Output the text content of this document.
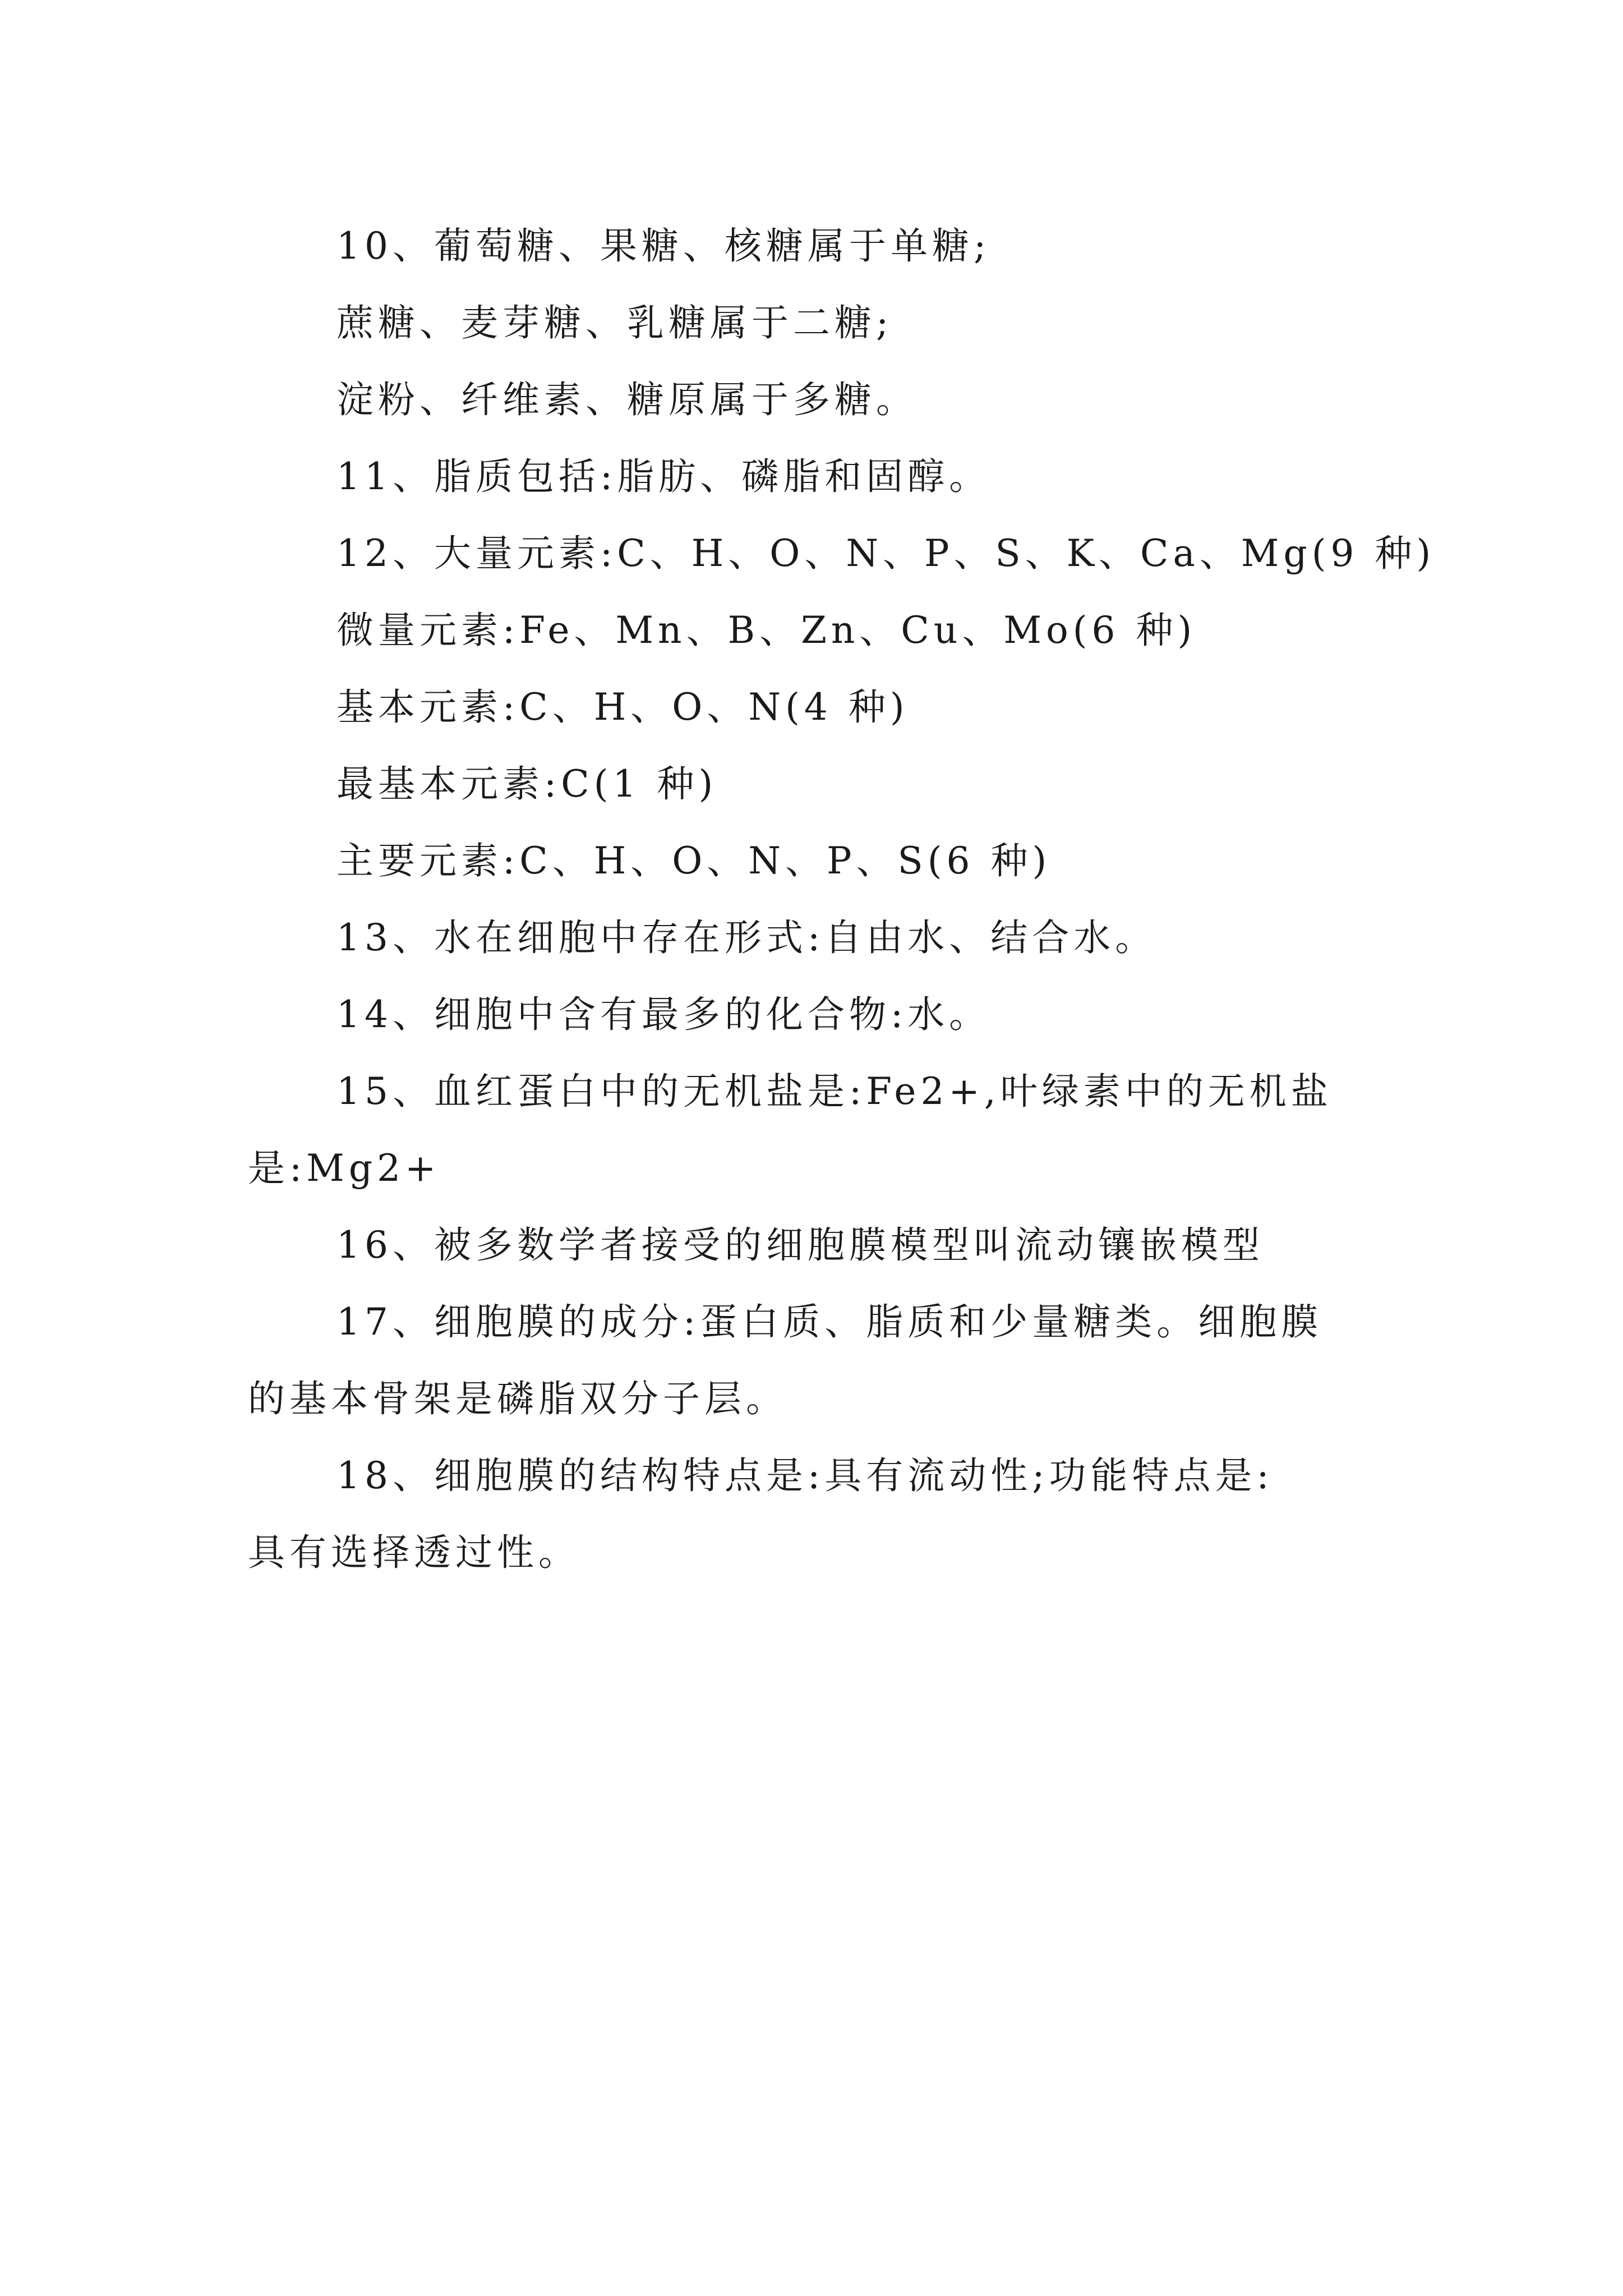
10、葡萄糖、果糖、核糖属于单糖;
蔗糖、麦芽糖、乳糖属于二糖;
淀粉、纤维素、糖原属于多糖。
11、脂质包括:脂肪、磷脂和固醇。
12、大量元素:C、H、O、N、P、S、K、Ca、Mg(9 种)
微量元素:Fe、Mn、B、Zn、Cu、Mo(6 种)
基本元素:C、H、O、N(4 种)
最基本元素:C(1 种)
主要元素:C、H、O、N、P、S(6 种)
13、水在细胞中存在形式:自由水、结合水。
14、细胞中含有最多的化合物:水。
15、血红蛋白中的无机盐是:Fe2+,叶绿素中的无机盐
是:Mg2+
16、被多数学者接受的细胞膜模型叫流动镶嵌模型
17、细胞膜的成分:蛋白质、脂质和少量糖类。细胞膜
的基本骨架是磷脂双分子层。
18、细胞膜的结构特点是:具有流动性;功能特点是:
具有选择透过性。
